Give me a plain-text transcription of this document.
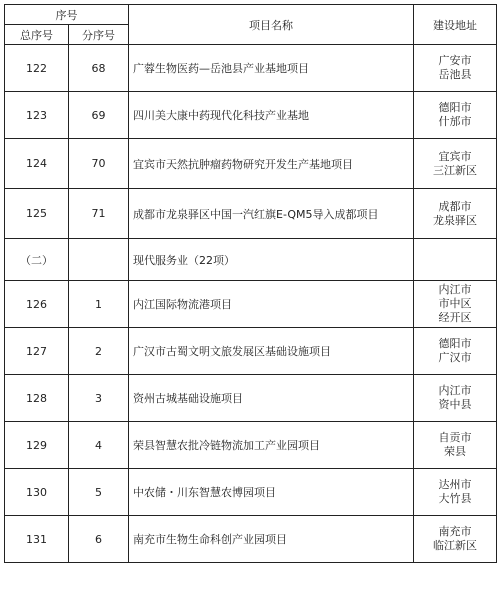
序号		项目名称	建设地址
总序号	分序号		
122	68	广蓉生物医药—岳池县产业基地项目	广安市
岳池县

123	69	四川美大康中药现代化科技产业基地	德阳市
什邡市

124	70	宜宾市天然抗肿瘤药物研究开发生产基地项目	宜宾市
三江新区

125	71	成都市龙泉驿区中国一汽红旗E-QM5导入成都项目	成都市
龙泉驿区

（二）		现代服务业（22项）	
126	1	内江国际物流港项目	内江市
市中区
经开区

127	2	广汉市古蜀文明文旅发展区基础设施项目	德阳市
广汉市

128	3	资州古城基础设施项目	内江市
资中县

129	4	荣县智慧农批冷链物流加工产业园项目	自贡市
荣县

130	5	中农储・川东智慧农博园项目	达州市
大竹县

131	6	南充市生物生命科创产业园项目	南充市
临江新区
